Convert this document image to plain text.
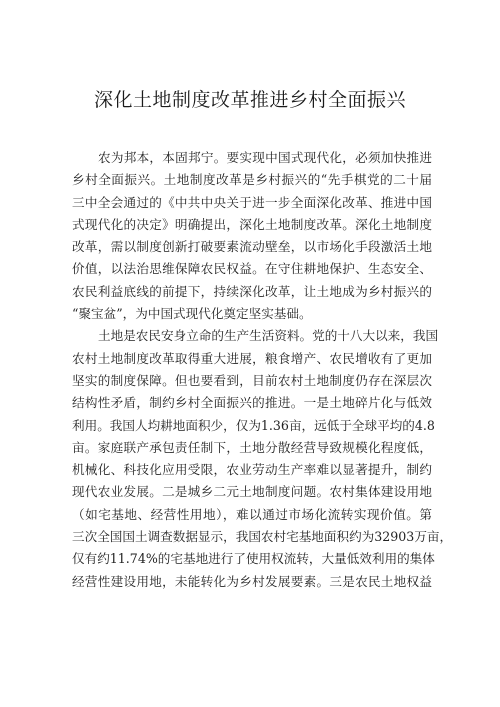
深化土地制度改革推进乡村全面振兴
农为邦本，本固邦宁。要实现中国式现代化，必须加快推进
乡村全面振兴。土地制度改革是乡村振兴的“先手棋党的二十届
三中全会通过的《中共中央关于进一步全面深化改革、推进中国
式现代化的决定》明确提出，深化土地制度改革。深化土地制度
改革，需以制度创新打破要素流动壁垒，以市场化手段激活土地
价值，以法治思维保障农民权益。在守住耕地保护、生态安全、
农民利益底线的前提下，持续深化改革，让土地成为乡村振兴的
“聚宝盆”，为中国式现代化奠定坚实基础。
土地是农民安身立命的生产生活资料。党的十八大以来，我国
农村土地制度改革取得重大进展，粮食增产、农民增收有了更加
坚实的制度保障。但也要看到，目前农村土地制度仍存在深层次
结构性矛盾，制约乡村全面振兴的推进。一是土地碎片化与低效
利用。我国人均耕地面积少，仅为1.36亩，远低于全球平均的4.8
亩。家庭联产承包责任制下，土地分散经营导致规模化程度低，
机械化、科技化应用受限，农业劳动生产率难以显著提升，制约
现代农业发展。二是城乡二元土地制度问题。农村集体建设用地
（如宅基地、经营性用地），难以通过市场化流转实现价值。第
三次全国国土调查数据显示，我国农村宅基地面积约为32903万亩，
仅有约11.74%的宅基地进行了使用权流转，大量低效利用的集体
经营性建设用地，未能转化为乡村发展要素。三是农民土地权益
